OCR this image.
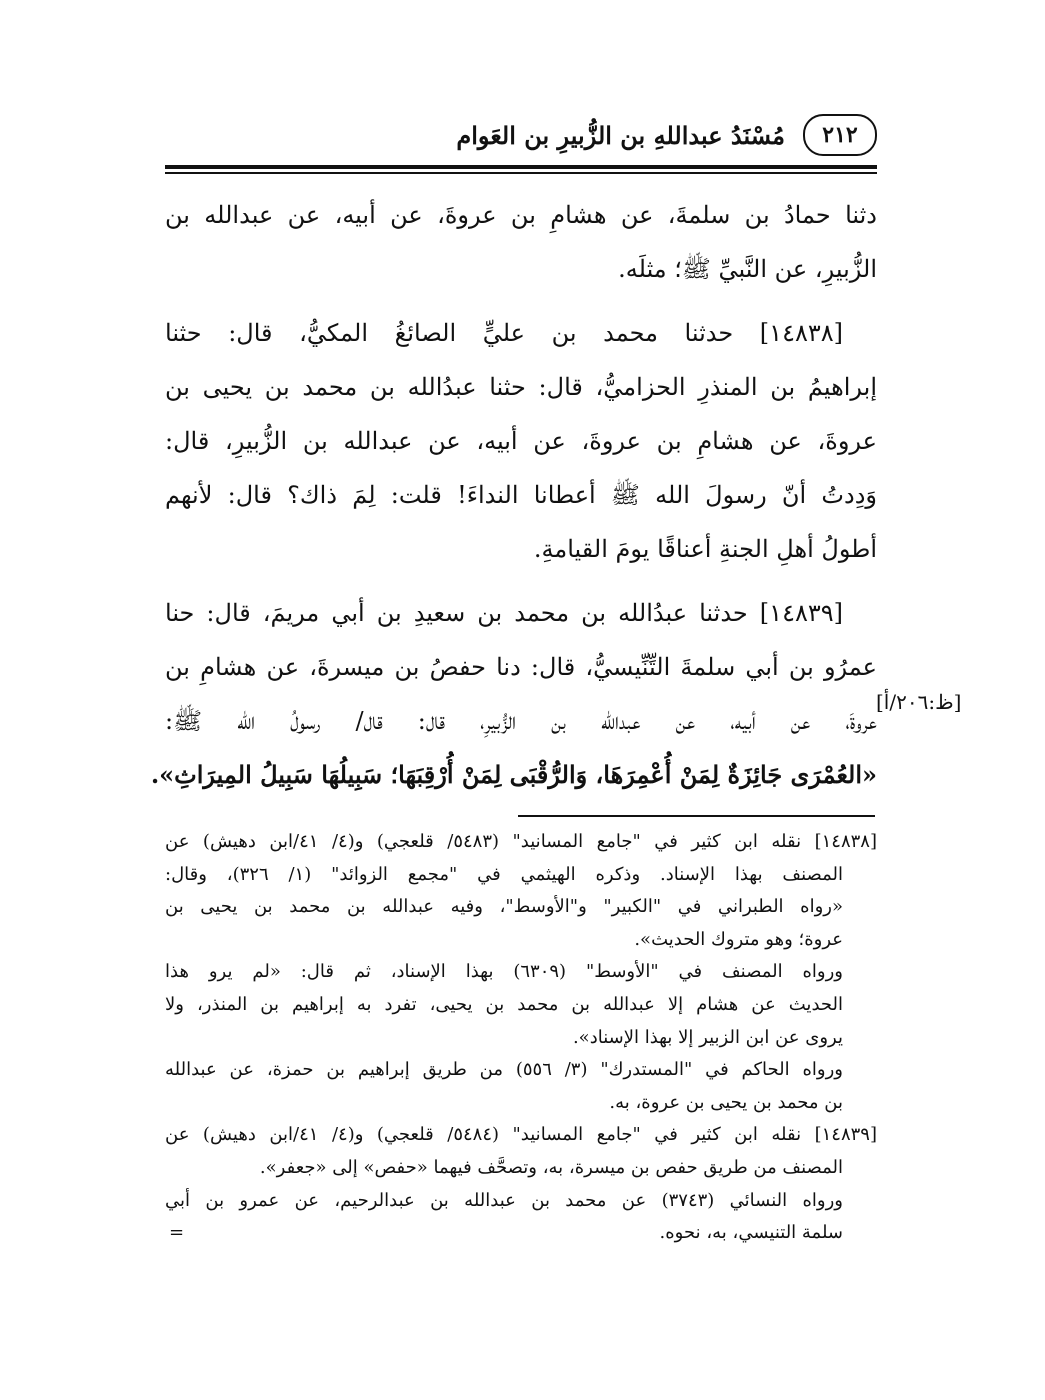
٢١٢
مُسْنَدُ عبداللهِ بن الزُّبيرِ بن العَوام

دثنا حمادُ بن سلمةَ، عن هشامِ بن عروةَ، عن أبيه، عن عبدالله بن
الزُّبيرِ، عن النَّبيِّ ﷺ؛ مثلَه.

[١٤٨٣٨] حدثنا محمد بن عليٍّ الصائغُ المكيُّ، قال: حثنا
إبراهيمُ بن المنذرِ الحزاميُّ، قال: حثنا عبدُالله بن محمد بن يحيى بن
عروةَ، عن هشامِ بن عروةَ، عن أبيه، عن عبدالله بن الزُّبيرِ، قال:
وَدِدتُ أنّ رسولَ الله ﷺ أعطانا النداءَ! قلت: لِمَ ذاك؟ قال: لأنهم
أطولُ أهلِ الجنةِ أعناقًا يومَ القيامةِ.

[١٤٨٣٩] حدثنا عبدُالله بن محمد بن سعيدِ بن أبي مريمَ، قال: حنا
عمرُو بن أبي سلمةَ التِّنِّيسيُّ، قال: دنا حفصُ بن ميسرةَ، عن هشامِ بن
عروةَ، عن أبيه، عن عبدالله بن الزُّبيرِ، قال: قال/ رسولُ الله ﷺ:
«العُمْرَى جَائِزَةٌ لِمَنْ أُعْمِرَهَا، وَالرُّقْبَى لِمَنْ أُرْقِبَهَا؛ سَبِيلُهَا سَبِيلُ المِيرَاثِ».

[ظ:٢٠٦/أ]
[١٤٨٣٨] نقله ابن كثير في "جامع المسانيد" (٥٤٨٣/ قلعجي) و(٤/ ٤١/ابن دهيش) عن
المصنف بهذا الإسناد. وذكره الهيثمي في "مجمع الزوائد" (١/ ٣٢٦)، وقال:
«رواه الطبراني في "الكبير" و"الأوسط"، وفيه عبدالله بن محمد بن يحيى بن
عروة؛ وهو متروك الحديث».
ورواه المصنف في "الأوسط" (٦٣٠٩) بهذا الإسناد، ثم قال: «لم يرو هذا
الحديث عن هشام إلا عبدالله بن محمد بن يحيى، تفرد به إبراهيم بن المنذر، ولا
يروى عن ابن الزبير إلا بهذا الإسناد».
ورواه الحاكم في "المستدرك" (٣/ ٥٥٦) من طريق إبراهيم بن حمزة، عن عبدالله
بن محمد بن يحيى بن عروة، به.
[١٤٨٣٩] نقله ابن كثير في "جامع المسانيد" (٥٤٨٤/ قلعجي) و(٤/ ٤١/ابن دهيش) عن
المصنف من طريق حفص بن ميسرة، به، وتصحَّف فيهما «حفص» إلى «جعفر».
ورواه النسائي (٣٧٤٣) عن محمد بن عبدالله بن عبدالرحيم، عن عمرو بن أبي
سلمة التنيسي، به، نحوه.
=
